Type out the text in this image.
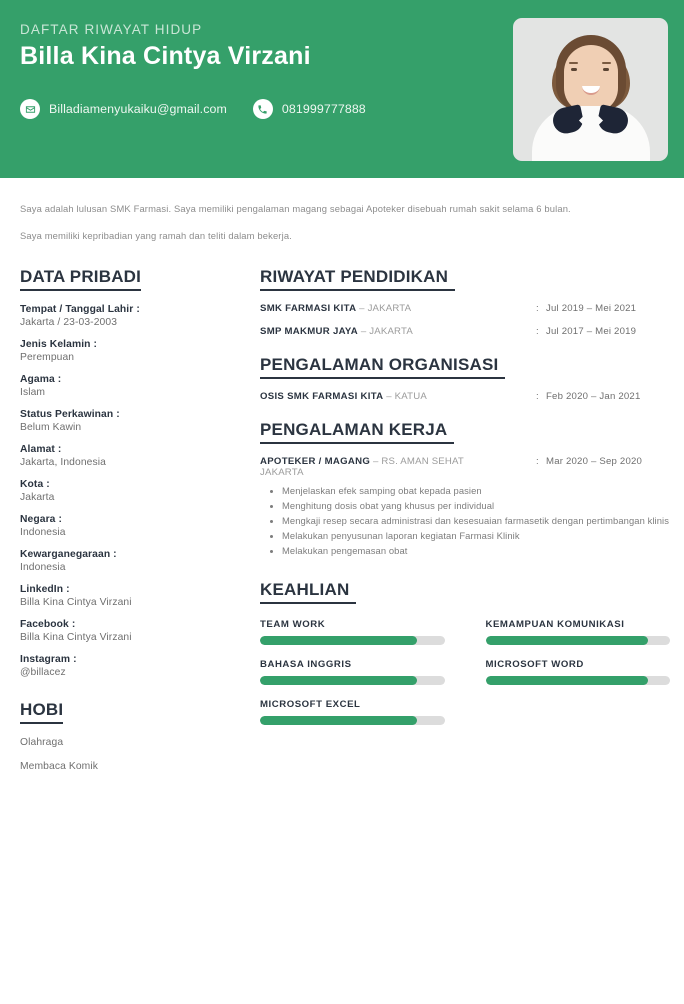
DAFTAR RIWAYAT HIDUP
Billa Kina Cintya Virzani
Billadiamenyukaiku@gmail.com	081999777888

Saya adalah lulusan SMK Farmasi. Saya memiliki pengalaman magang sebagai Apoteker disebuah rumah sakit selama 6 bulan.

Saya memiliki kepribadian yang ramah dan teliti dalam bekerja.

DATA PRIBADI
Tempat / Tanggal Lahir :
Jakarta / 23-03-2003
Jenis Kelamin :
Perempuan
Agama :
Islam
Status Perkawinan :
Belum Kawin
Alamat :
Jakarta, Indonesia
Kota :
Jakarta
Negara :
Indonesia
Kewarganegaraan :
Indonesia
LinkedIn :
Billa Kina Cintya Virzani
Facebook :
Billa Kina Cintya Virzani
Instagram :
@billacez
HOBI
Olahraga
Membaca Komik
RIWAYAT PENDIDIKAN
SMK FARMASI KITA – JAKARTA	: Jul 2019 – Mei 2021
SMP MAKMUR JAYA – JAKARTA	: Jul 2017 – Mei 2019
PENGALAMAN ORGANISASI
OSIS SMK FARMASI KITA – KATUA	: Feb 2020 – Jan 2021
PENGALAMAN KERJA
APOTEKER / MAGANG – RS. AMAN SEHAT
JAKARTA
: Mar 2020 – Sep 2020
• Menjelaskan efek samping obat kepada pasien
• Menghitung dosis obat yang khusus per individual
• Mengkaji resep secara administrasi dan kesesuaian farmasetik dengan pertimbangan klinis
• Melakukan penyusunan laporan kegiatan Farmasi Klinik
• Melakukan pengemasan obat
KEAHLIAN
TEAM WORK	KEMAMPUAN KOMUNIKASI
BAHASA INGGRIS	MICROSOFT WORD
MICROSOFT EXCEL
